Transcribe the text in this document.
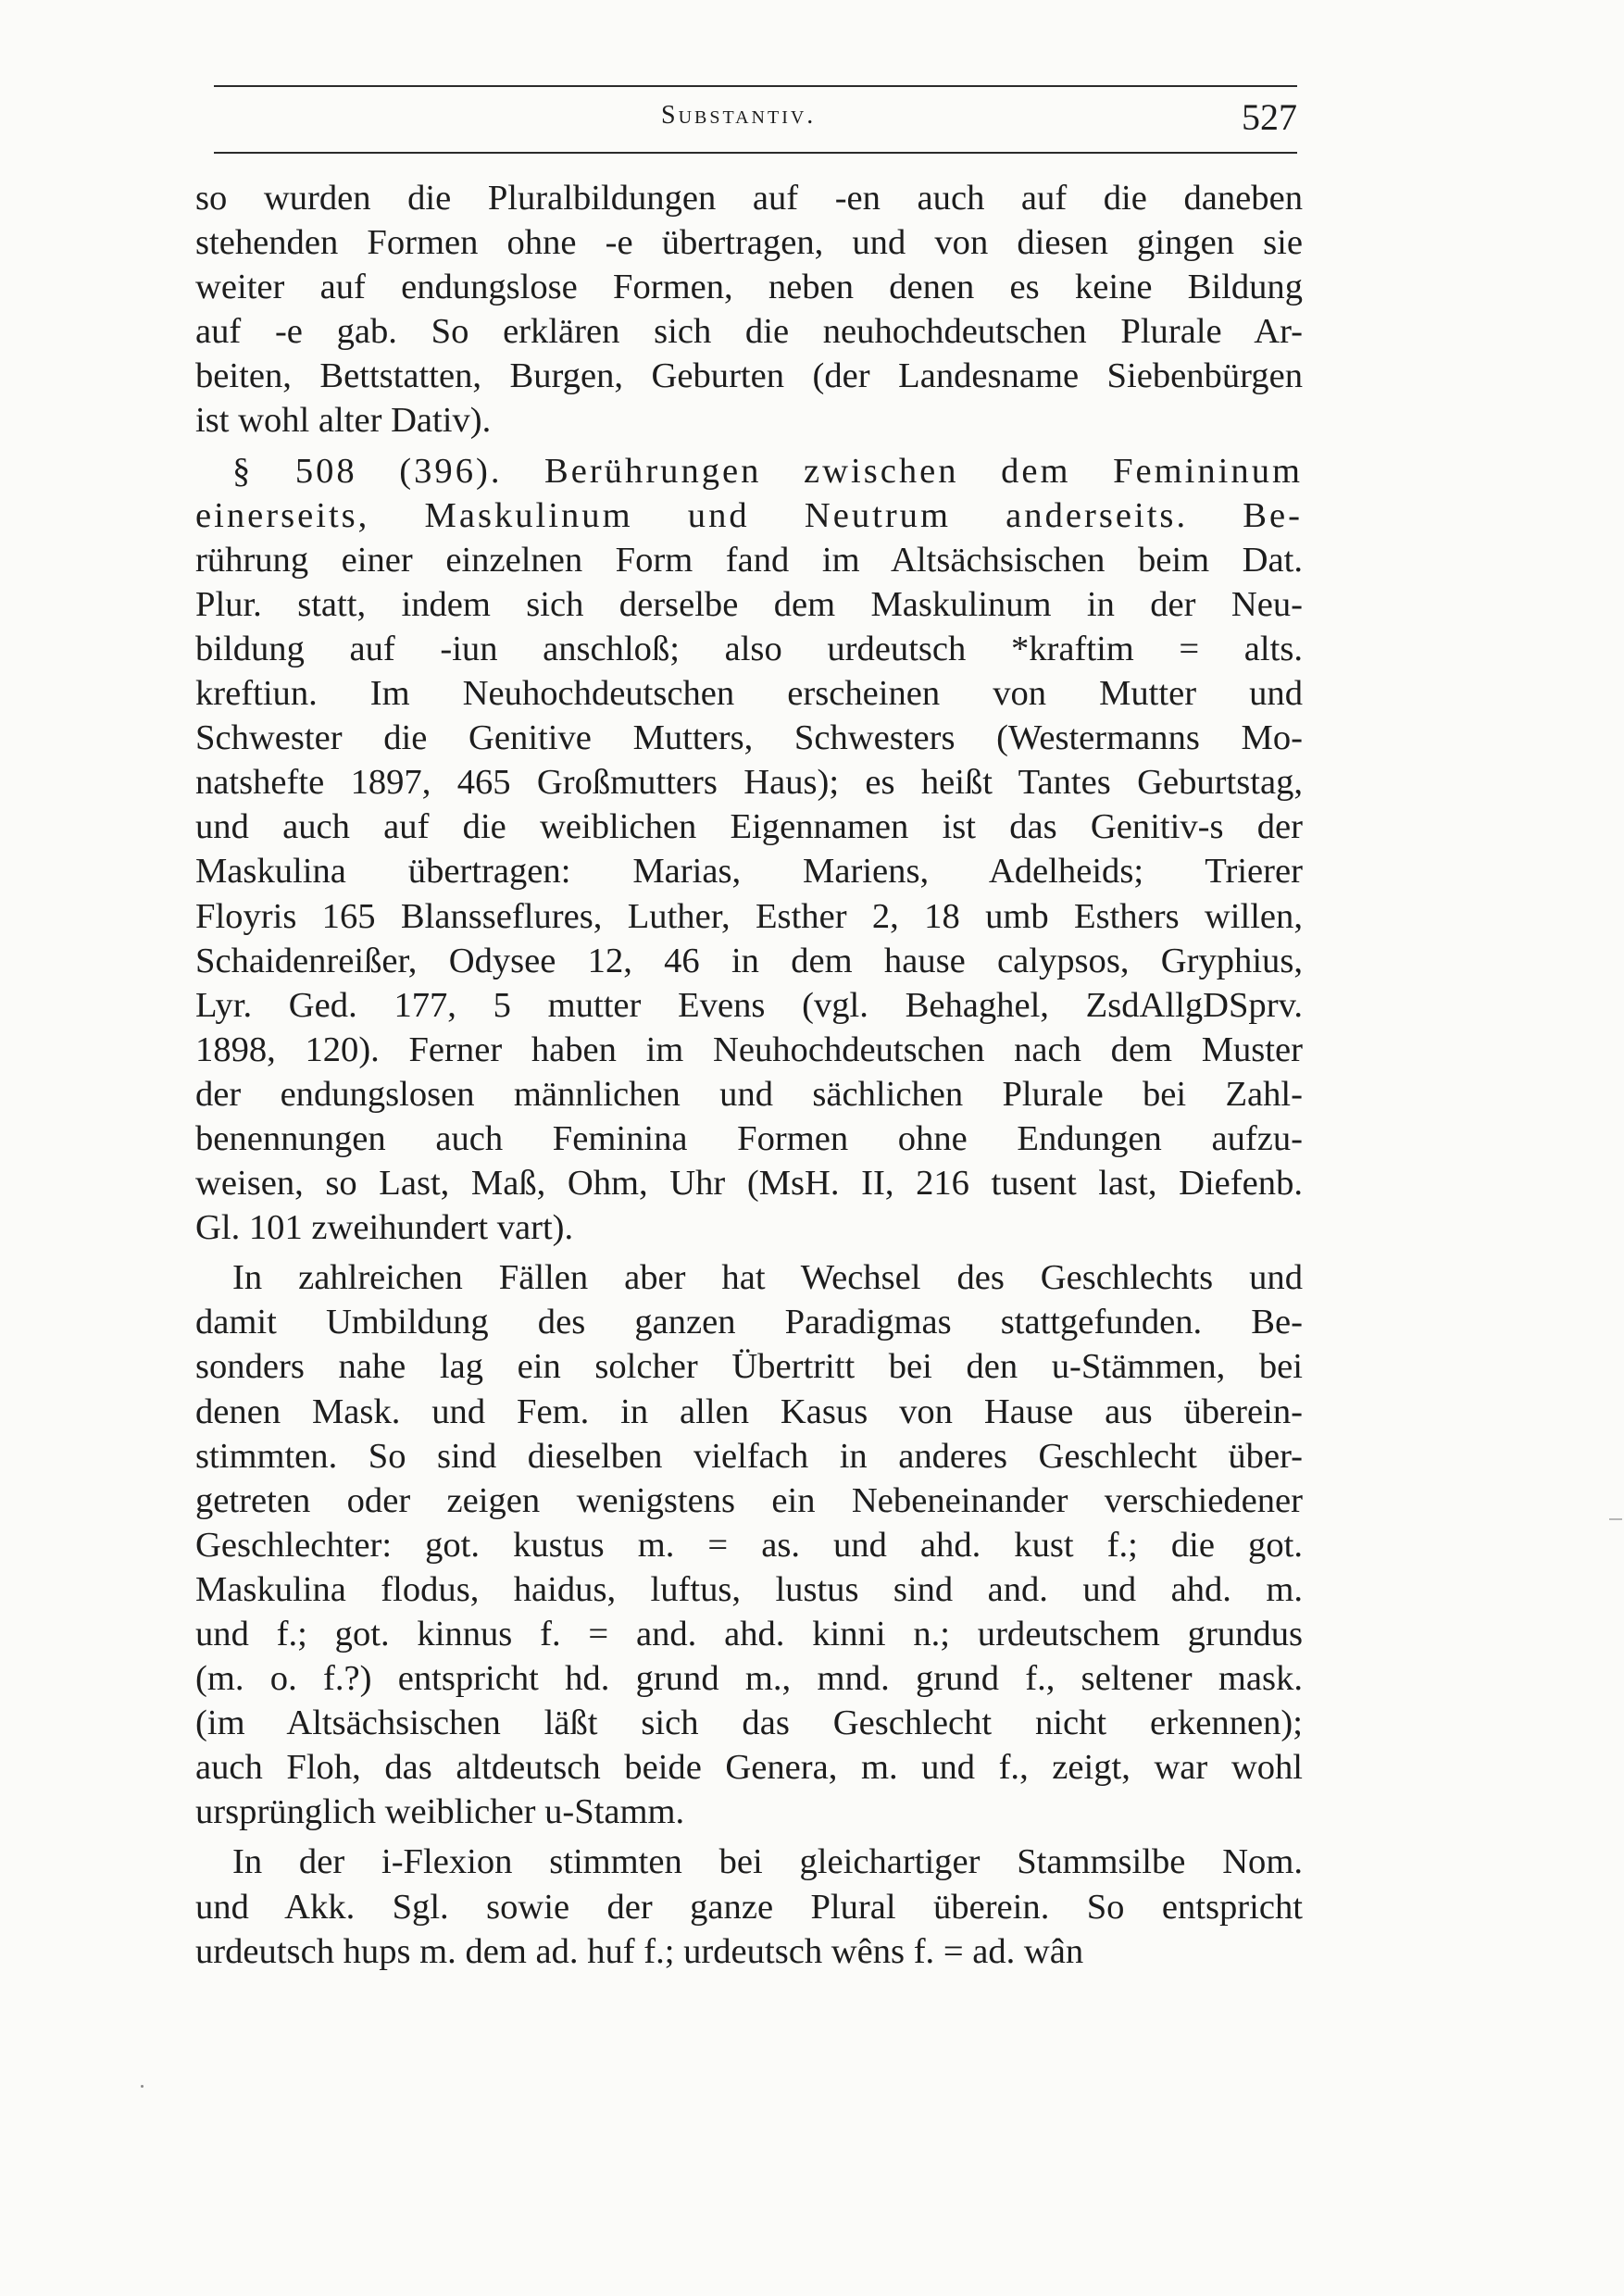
Substantiv.	527
so wurden die Pluralbildungen auf -en auch auf die daneben
stehenden Formen ohne -e übertragen, und von diesen gingen sie
weiter auf endungslose Formen, neben denen es keine Bildung
auf -e gab. So erklären sich die neuhochdeutschen Plurale Ar-
beiten, Bettstatten, Burgen, Geburten (der Landesname Siebenbürgen
ist wohl alter Dativ).
§ 508 (396). Berührungen zwischen dem Femininum
einerseits, Maskulinum und Neutrum anderseits. Be-
rührung einer einzelnen Form fand im Altsächsischen beim Dat.
Plur. statt, indem sich derselbe dem Maskulinum in der Neu-
bildung auf -iun anschloß; also urdeutsch *kraftim = alts.
kreftiun. Im Neuhochdeutschen erscheinen von Mutter und
Schwester die Genitive Mutters, Schwesters (Westermanns Mo-
natshefte 1897, 465 Großmutters Haus); es heißt Tantes Geburtstag,
und auch auf die weiblichen Eigennamen ist das Genitiv-s der
Maskulina übertragen: Marias, Mariens, Adelheids; Trierer
Floyris 165 Blansseflures, Luther, Esther 2, 18 umb Esthers willen,
Schaidenreißer, Odysee 12, 46 in dem hause calypsos, Gryphius,
Lyr. Ged. 177, 5 mutter Evens (vgl. Behaghel, ZsdAllgDSprv.
1898, 120). Ferner haben im Neuhochdeutschen nach dem Muster
der endungslosen männlichen und sächlichen Plurale bei Zahl-
benennungen auch Feminina Formen ohne Endungen aufzu-
weisen, so Last, Maß, Ohm, Uhr (MsH. II, 216 tusent last, Diefenb.
Gl. 101 zweihundert vart).
In zahlreichen Fällen aber hat Wechsel des Geschlechts und
damit Umbildung des ganzen Paradigmas stattgefunden. Be-
sonders nahe lag ein solcher Übertritt bei den u-Stämmen, bei
denen Mask. und Fem. in allen Kasus von Hause aus überein-
stimmten. So sind dieselben vielfach in anderes Geschlecht über-
getreten oder zeigen wenigstens ein Nebeneinander verschiedener
Geschlechter: got. kustus m. = as. und ahd. kust f.; die got.
Maskulina flodus, haidus, luftus, lustus sind and. und ahd. m.
und f.; got. kinnus f. = and. ahd. kinni n.; urdeutschem grundus
(m. o. f.?) entspricht hd. grund m., mnd. grund f., seltener mask.
(im Altsächsischen läßt sich das Geschlecht nicht erkennen);
auch Floh, das altdeutsch beide Genera, m. und f., zeigt, war wohl
ursprünglich weiblicher u-Stamm.
In der i-Flexion stimmten bei gleichartiger Stammsilbe Nom.
und Akk. Sgl. sowie der ganze Plural überein. So entspricht
urdeutsch hups m. dem ad. huf f.; urdeutsch wêns f. = ad. wân
